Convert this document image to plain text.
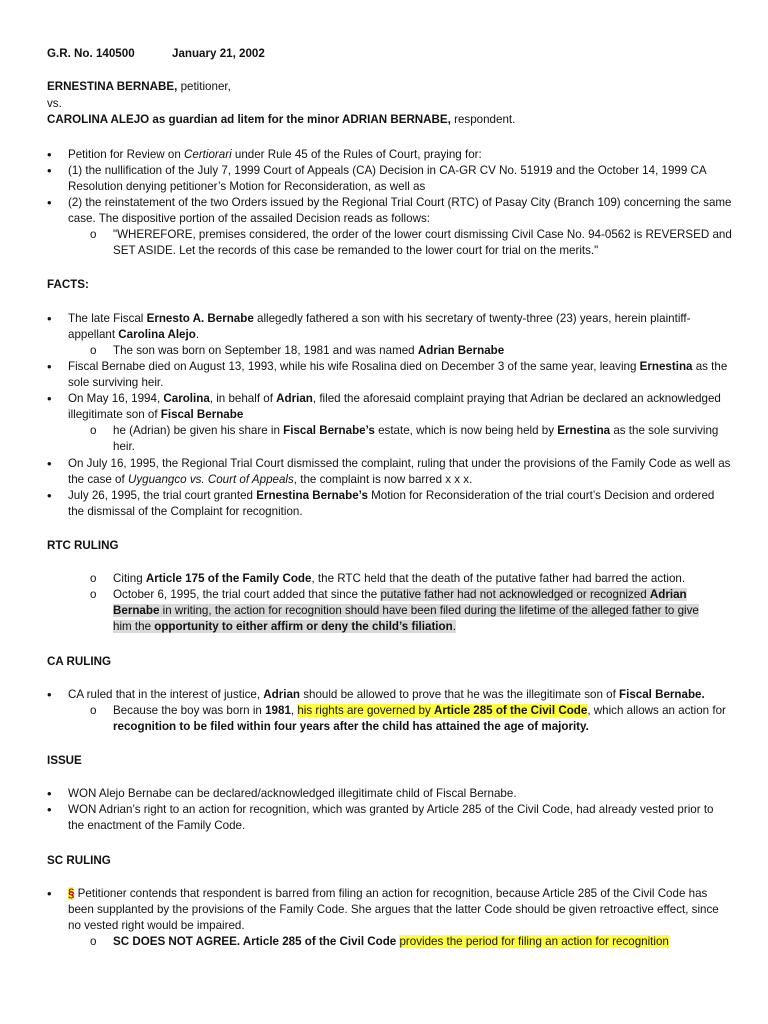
G.R. No. 140500	January 21, 2002
ERNESTINA BERNABE, petitioner,
vs.
CAROLINA ALEJO as guardian ad litem for the minor ADRIAN BERNABE, respondent.
•
Petition for Review on Certiorari under Rule 45 of the Rules of Court, praying for:
•
(1) the nullification of the July 7, 1999 Court of Appeals (CA) Decision in CA-GR CV No. 51919 and the October 14, 1999 CA
Resolution denying petitioner’s Motion for Reconsideration, as well as
•
(2) the reinstatement of the two Orders issued by the Regional Trial Court (RTC) of Pasay City (Branch 109) concerning the same
case. The dispositive portion of the assailed Decision reads as follows:
o "WHEREFORE, premises considered, the order of the lower court dismissing Civil Case No. 94-0562 is REVERSED and
SET ASIDE. Let the records of this case be remanded to the lower court for trial on the merits."
FACTS:
•
The late Fiscal Ernesto A. Bernabe allegedly fathered a son with his secretary of twenty-three (23) years, herein plaintiff-
appellant Carolina Alejo.
o The son was born on September 18, 1981 and was named Adrian Bernabe
•
Fiscal Bernabe died on August 13, 1993, while his wife Rosalina died on December 3 of the same year, leaving Ernestina as the
sole surviving heir.
•
On May 16, 1994, Carolina, in behalf of Adrian, filed the aforesaid complaint praying that Adrian be declared an acknowledged
illegitimate son of Fiscal Bernabe
o he (Adrian) be given his share in Fiscal Bernabe’s estate, which is now being held by Ernestina as the sole surviving
heir.
•
On July 16, 1995, the Regional Trial Court dismissed the complaint, ruling that under the provisions of the Family Code as well as
the case of Uyguangco vs. Court of Appeals, the complaint is now barred x x x.
•
July 26, 1995, the trial court granted Ernestina Bernabe’s Motion for Reconsideration of the trial court’s Decision and ordered
the dismissal of the Complaint for recognition.
RTC RULING
o Citing Article 175 of the Family Code, the RTC held that the death of the putative father had barred the action.
o October 6, 1995, the trial court added that since the putative father had not acknowledged or recognized Adrian
Bernabe in writing, the action for recognition should have been filed during the lifetime of the alleged father to give
him the opportunity to either affirm or deny the child’s filiation.
CA RULING
•
CA ruled that in the interest of justice, Adrian should be allowed to prove that he was the illegitimate son of Fiscal Bernabe.
o Because the boy was born in 1981, his rights are governed by Article 285 of the Civil Code, which allows an action for
recognition to be filed within four years after the child has attained the age of majority.
ISSUE
•
WON Alejo Bernabe can be declared/acknowledged illegitimate child of Fiscal Bernabe.
•
WON Adrian’s right to an action for recognition, which was granted by Article 285 of the Civil Code, had already vested prior to
the enactment of the Family Code.
SC RULING
•
§ Petitioner contends that respondent is barred from filing an action for recognition, because Article 285 of the Civil Code has
been supplanted by the provisions of the Family Code. She argues that the latter Code should be given retroactive effect, since
no vested right would be impaired.
o SC DOES NOT AGREE. Article 285 of the Civil Code provides the period for filing an action for recognition
